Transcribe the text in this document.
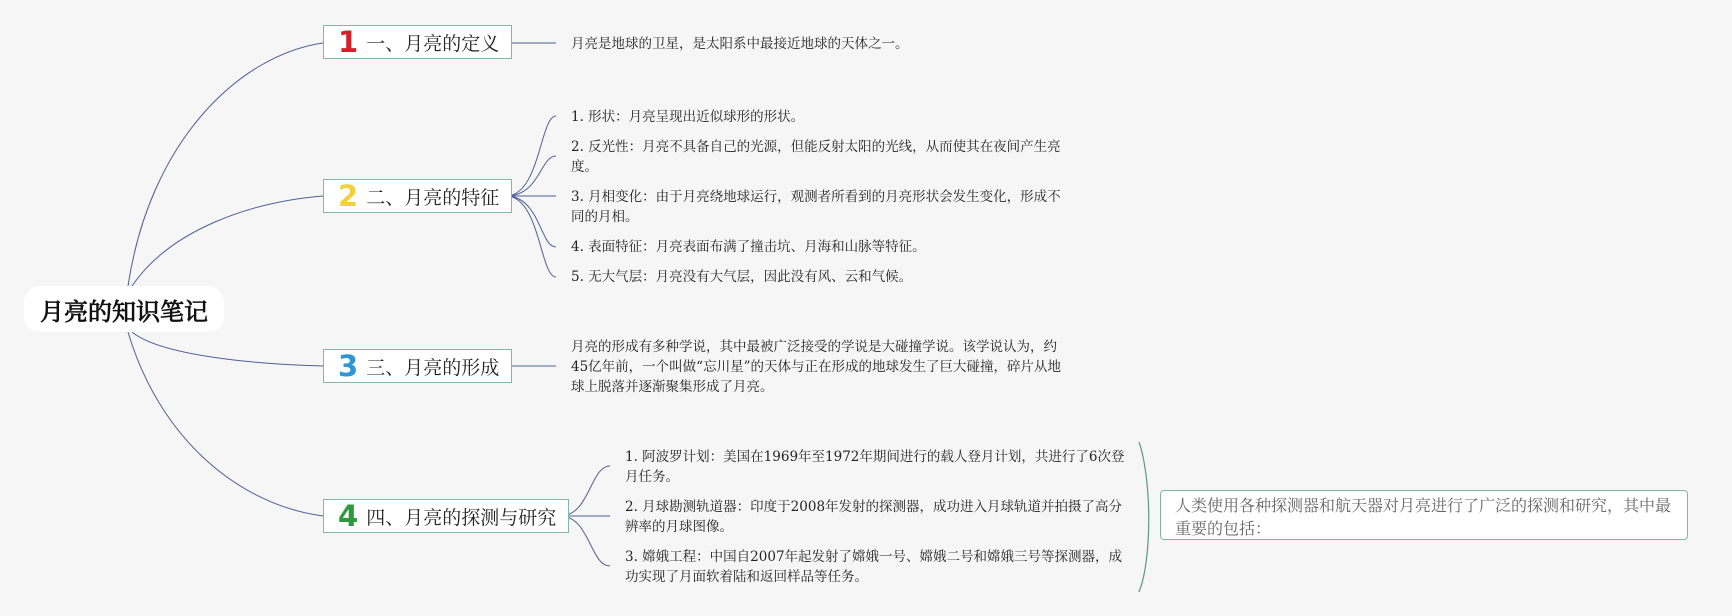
月亮的知识笔记
1 一、月亮的定义	月亮是地球的卫星，是太阳系中最接近地球的天体之一。
2 二、月亮的特征
1. 形状：月亮呈现出近似球形的形状。
2. 反光性：月亮不具备自己的光源，但能反射太阳的光线，从而使其在夜间产生亮度。
3. 月相变化：由于月亮绕地球运行，观测者所看到的月亮形状会发生变化，形成不同的月相。
4. 表面特征：月亮表面布满了撞击坑、月海和山脉等特征。
5. 无大气层：月亮没有大气层，因此没有风、云和气候。
3 三、月亮的形成
月亮的形成有多种学说，其中最被广泛接受的学说是大碰撞学说。该学说认为，约45亿年前，一个叫做“忘川星”的天体与正在形成的地球发生了巨大碰撞，碎片从地球上脱落并逐渐聚集形成了月亮。
4 四、月亮的探测与研究
1. 阿波罗计划：美国在1969年至1972年期间进行的载人登月计划，共进行了6次登月任务。
2. 月球勘测轨道器：印度于2008年发射的探测器，成功进入月球轨道并拍摄了高分辨率的月球图像。
3. 嫦娥工程：中国自2007年起发射了嫦娥一号、嫦娥二号和嫦娥三号等探测器，成功实现了月面软着陆和返回样品等任务。
人类使用各种探测器和航天器对月亮进行了广泛的探测和研究，其中最重要的包括：
